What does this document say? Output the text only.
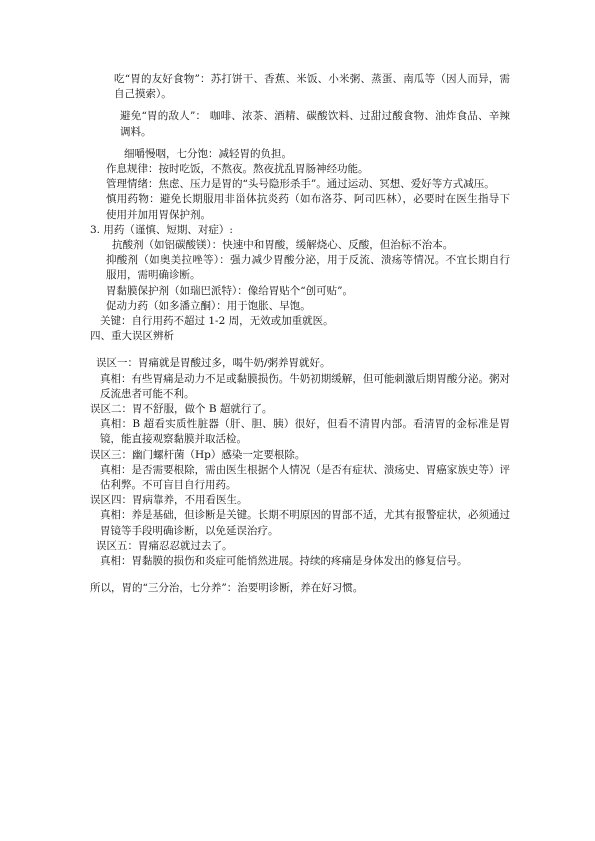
吃“胃的友好食物”：苏打饼干、香蕉、米饭、小米粥、蒸蛋、南瓜等（因人而异，需自己摸索）。

避免“胃的敌人”： 咖啡、浓茶、酒精、碳酸饮料、过甜过酸食物、油炸食品、辛辣调料。

细嚼慢咽，七分饱：减轻胃的负担。
作息规律：按时吃饭，不熬夜。熬夜扰乱胃肠神经功能。
管理情绪：焦虑、压力是胃的“头号隐形杀手”。通过运动、冥想、爱好等方式减压。

慎用药物：避免长期服用非甾体抗炎药（如布洛芬、阿司匹林），必要时在医生指导下使用并加用胃保护剂。

3. 用药（谨慎、短期、对症）:
抗酸剂（如铝碳酸镁）：快速中和胃酸，缓解烧心、反酸，但治标不治本。

抑酸剂（如奥美拉唑等）：强力减少胃酸分泌，用于反流、溃疡等情况。不宜长期自行服用，需明确诊断。

胃黏膜保护剂（如瑞巴派特）：像给胃贴个“创可贴”。
促动力药（如多潘立酮）：用于饱胀、早饱。
关键：自行用药不超过 1-2 周，无效或加重就医。
四、重大误区辨析
误区一：胃痛就是胃酸过多，喝牛奶/粥养胃就好。

真相：有些胃痛是动力不足或黏膜损伤。牛奶初期缓解，但可能刺激后期胃酸分泌。粥对反流患者可能不利。

误区二：胃不舒服，做个 B 超就行了。

真相：B 超看实质性脏器（肝、胆、胰）很好，但看不清胃内部。看清胃的金标准是胃镜，能直接观察黏膜并取活检。

误区三：幽门螺杆菌（Hp）感染一定要根除。

真相：是否需要根除，需由医生根据个人情况（是否有症状、溃疡史、胃癌家族史等）评估利弊。不可盲目自行用药。

误区四：胃病靠养，不用看医生。

真相：养是基础，但诊断是关键。长期不明原因的胃部不适，尤其有报警症状，必须通过胃镜等手段明确诊断，以免延误治疗。

误区五：胃痛忍忍就过去了。
真相：胃黏膜的损伤和炎症可能悄然进展。持续的疼痛是身体发出的修复信号。
所以，胃的“三分治，七分养”：治要明诊断，养在好习惯。
